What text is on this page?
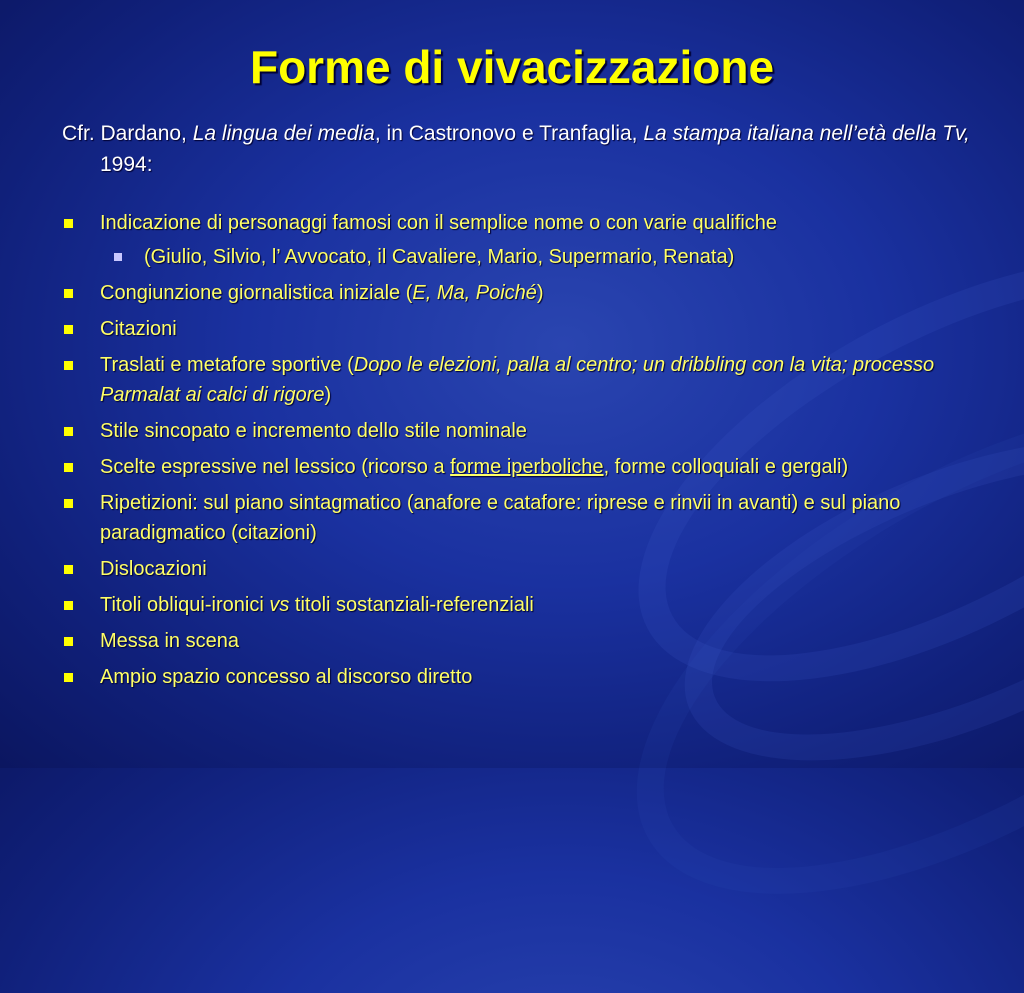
Forme di vivacizzazione

Cfr. Dardano, La lingua dei media, in Castronovo e Tranfaglia, La stampa italiana nell’età della Tv, 1994:

Indicazione di personaggi famosi con il semplice nome o con varie qualifiche
(Giulio, Silvio, l’ Avvocato, il Cavaliere, Mario, Supermario, Renata)
Congiunzione giornalistica iniziale (E, Ma, Poiché)
Citazioni
Traslati e metafore sportive (Dopo le elezioni, palla al centro; un dribbling con la vita; processo Parmalat ai calci di rigore)
Stile sincopato e incremento dello stile nominale
Scelte espressive nel lessico (ricorso a forme iperboliche, forme colloquiali e gergali)
Ripetizioni: sul piano sintagmatico (anafore e catafore: riprese e rinvii in avanti) e sul piano paradigmatico (citazioni)
Dislocazioni
Titoli obliqui-ironici vs titoli sostanziali-referenziali
Messa in scena
Ampio spazio concesso al discorso diretto
